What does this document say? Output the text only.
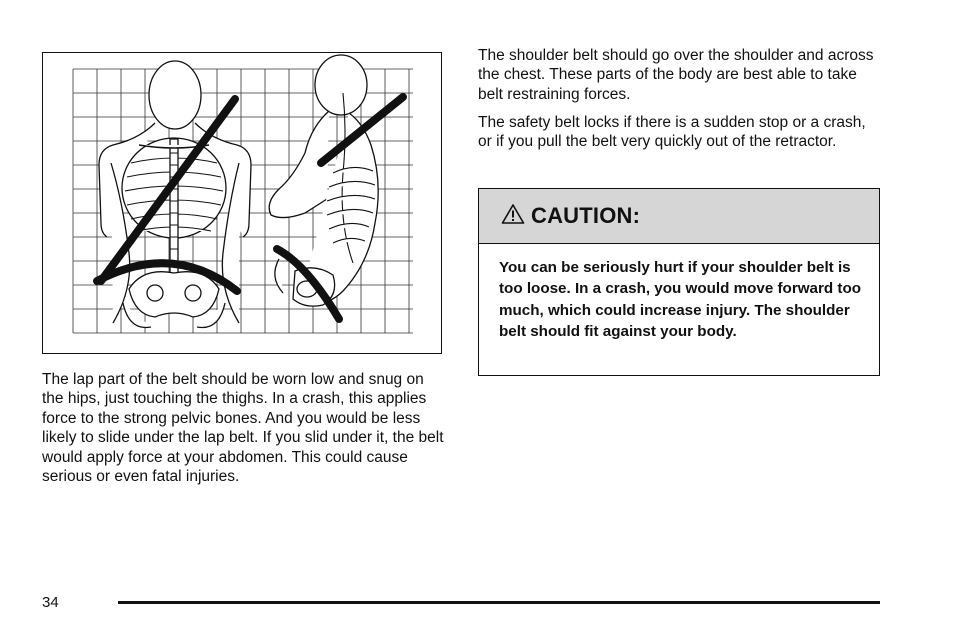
The lap part of the belt should be worn low and snug on the hips, just touching the thighs. In a crash, this applies force to the strong pelvic bones. And you would be less likely to slide under the lap belt. If you slid under it, the belt would apply force at your abdomen. This could cause serious or even fatal injuries.

The shoulder belt should go over the shoulder and across the chest. These parts of the body are best able to take belt restraining forces.

The safety belt locks if there is a sudden stop or a crash, or if you pull the belt very quickly out of the retractor.

CAUTION:

You can be seriously hurt if your shoulder belt is too loose. In a crash, you would move forward too much, which could increase injury. The shoulder belt should fit against your body.

34
